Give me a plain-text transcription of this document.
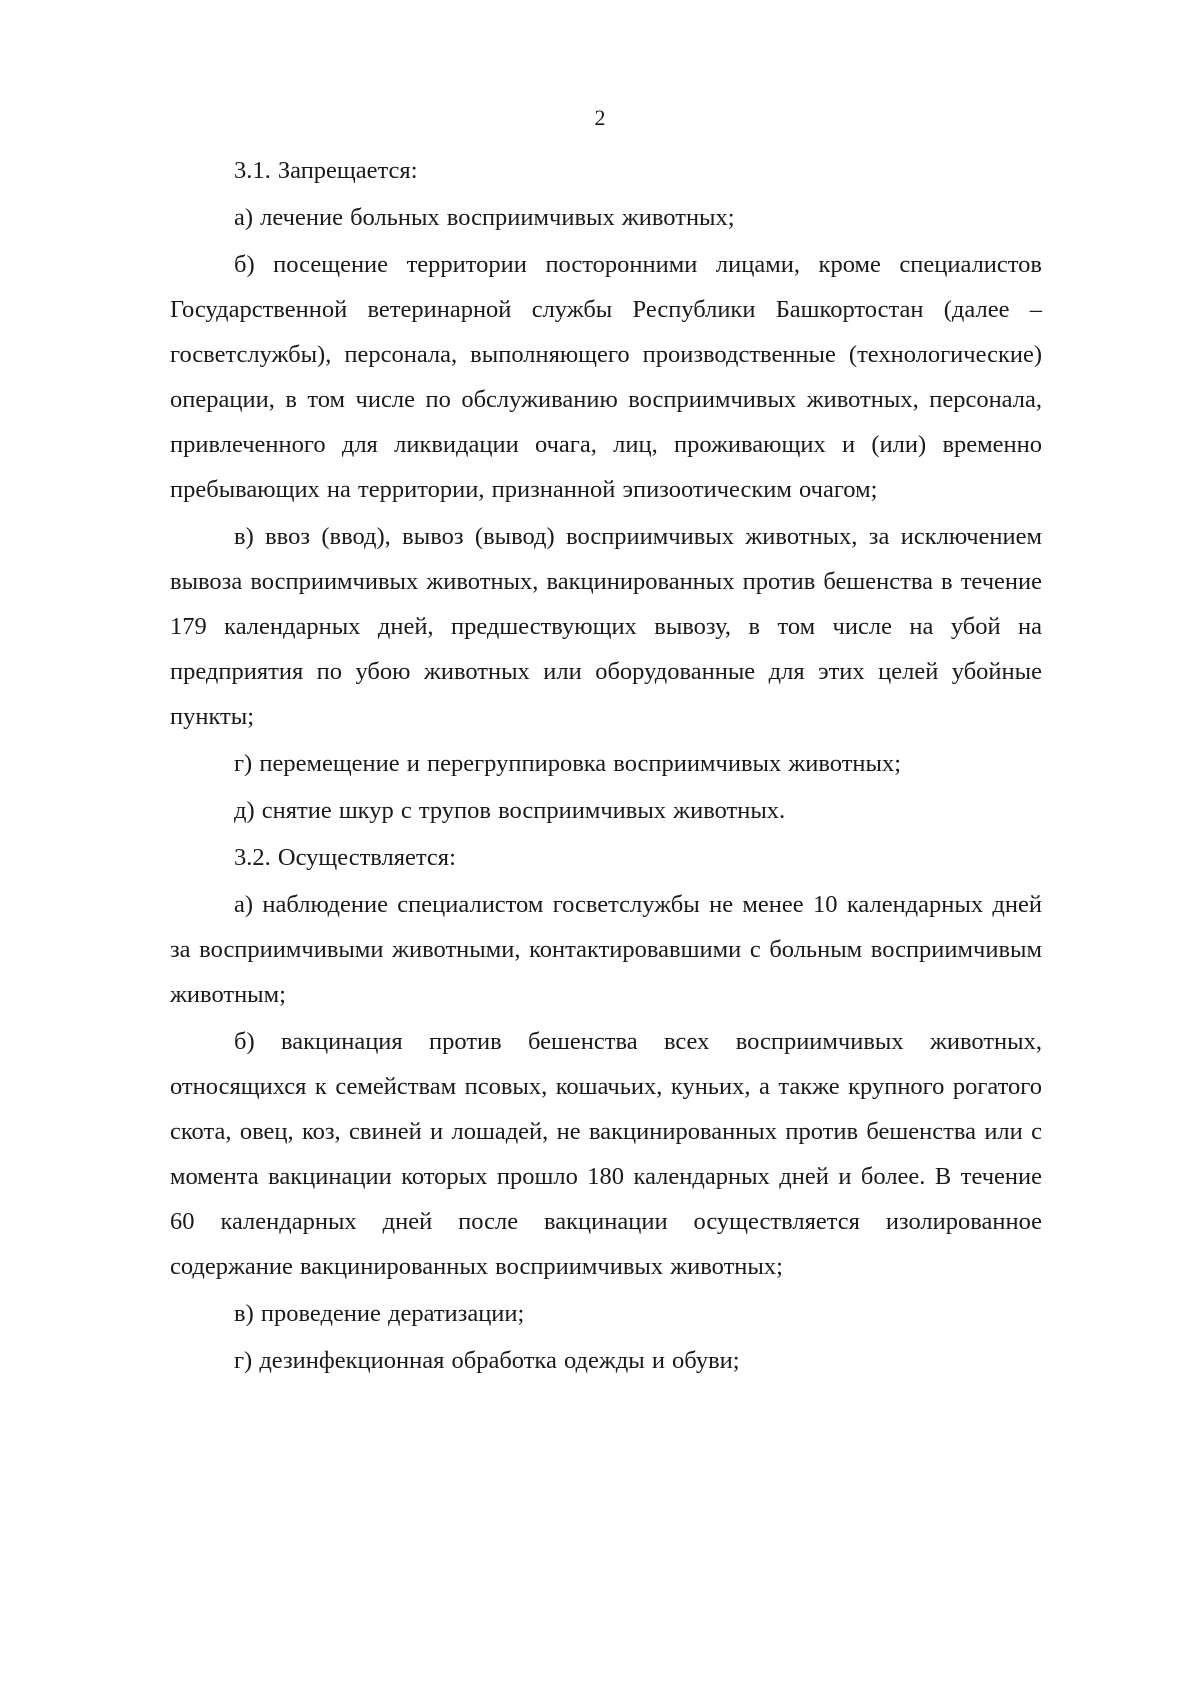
2

3.1. Запрещается:

а) лечение больных восприимчивых животных;

б) посещение территории посторонними лицами, кроме специалистов Государственной ветеринарной службы Республики Башкортостан (далее – госветслужбы), персонала, выполняющего производственные (технологические) операции, в том числе по обслуживанию восприимчивых животных, персонала, привлеченного для ликвидации очага, лиц, проживающих и (или) временно пребывающих на территории, признанной эпизоотическим очагом;

в) ввоз (ввод), вывоз (вывод) восприимчивых животных, за исключением вывоза восприимчивых животных, вакцинированных против бешенства в течение 179 календарных дней, предшествующих вывозу, в том числе на убой на предприятия по убою животных или оборудованные для этих целей убойные пункты;

г) перемещение и перегруппировка восприимчивых животных;

д) снятие шкур с трупов восприимчивых животных.

3.2. Осуществляется:

а) наблюдение специалистом госветслужбы не менее 10 календарных дней за восприимчивыми животными, контактировавшими с больным восприимчивым животным;

б) вакцинация против бешенства всех восприимчивых животных, относящихся к семействам псовых, кошачьих, куньих, а также крупного рогатого скота, овец, коз, свиней и лошадей, не вакцинированных против бешенства или с момента вакцинации которых прошло 180 календарных дней и более. В течение 60 календарных дней после вакцинации осуществляется изолированное содержание вакцинированных восприимчивых животных;

в) проведение дератизации;

г) дезинфекционная обработка одежды и обуви;
